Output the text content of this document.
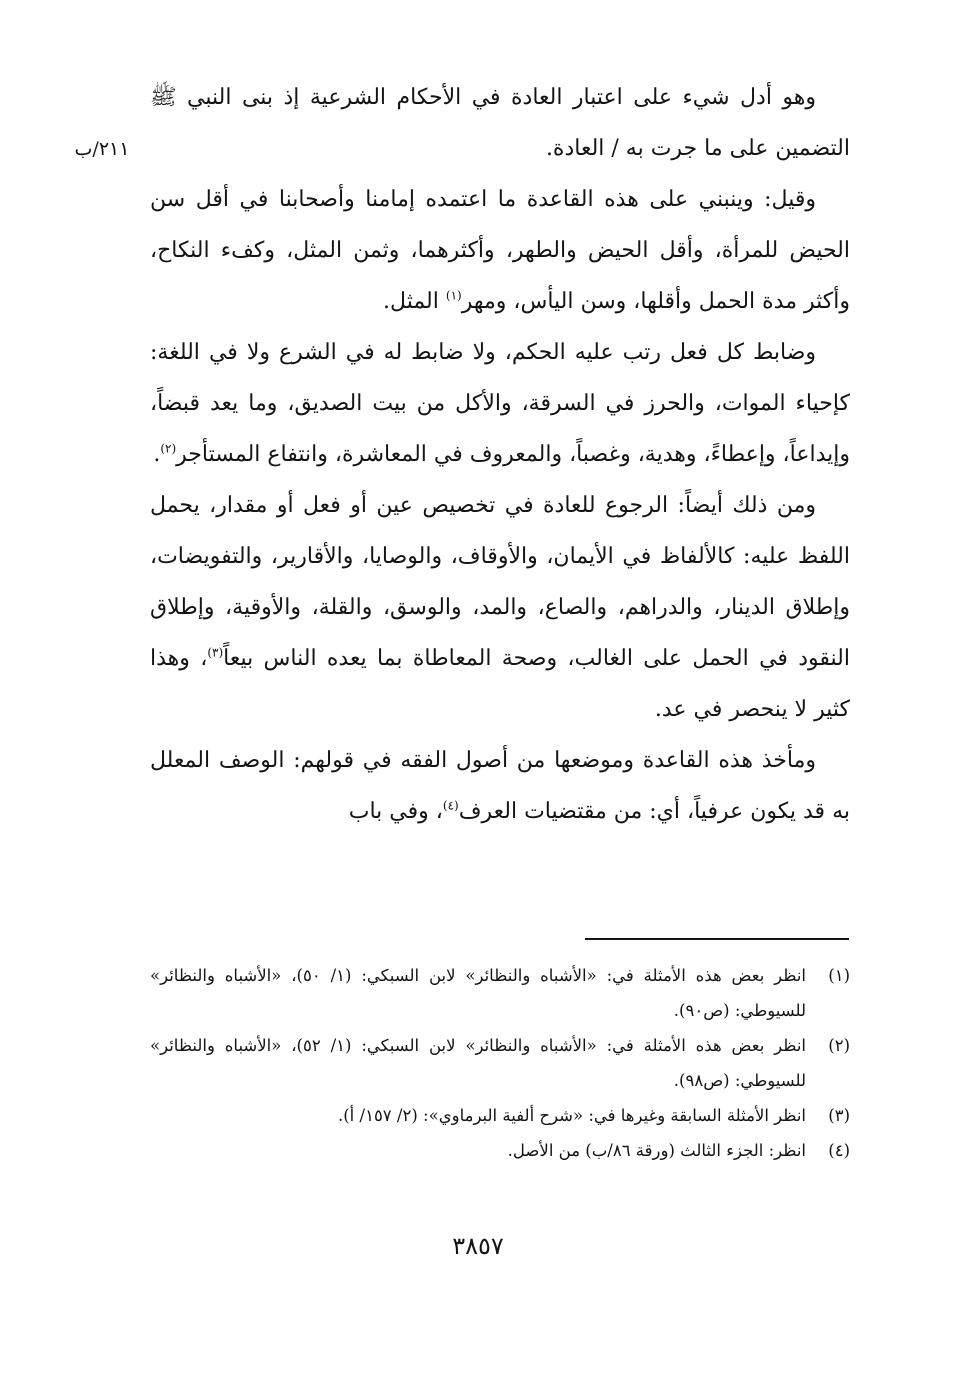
٢١١/ب

وهو أدل شيء على اعتبار العادة في الأحكام الشرعية إذ بنى النبي ﷺ التضمين على ما جرت به / العادة.

وقيل: وينبني على هذه القاعدة ما اعتمده إمامنا وأصحابنا في أقل سن الحيض للمرأة، وأقل الحيض والطهر، وأكثرهما، وثمن المثل، وكفء النكاح، وأكثر مدة الحمل وأقلها، وسن اليأس، ومهر$^{(١)}$ المثل.

وضابط كل فعل رتب عليه الحكم، ولا ضابط له في الشرع ولا في اللغة: كإحياء الموات، والحرز في السرقة، والأكل من بيت الصديق، وما يعد قبضاً، وإيداعاً، وإعطاءً، وهدية، وغصباً، والمعروف في المعاشرة، وانتفاع المستأجر$^{(٢)}$.

ومن ذلك أيضاً: الرجوع للعادة في تخصيص عين أو فعل أو مقدار، يحمل اللفظ عليه: كالألفاظ في الأيمان، والأوقاف، والوصايا، والأقارير، والتفويضات، وإطلاق الدينار، والدراهم، والصاع، والمد، والوسق، والقلة، والأوقية، وإطلاق النقود في الحمل على الغالب، وصحة المعاطاة بما يعده الناس بيعاً$^{(٣)}$، وهذا كثير لا ينحصر في عد.

ومأخذ هذه القاعدة وموضعها من أصول الفقه في قولهم: الوصف المعلل به قد يكون عرفياً، أي: من مقتضيات العرف$^{(٤)}$، وفي باب

(١)
انظر بعض هذه الأمثلة في: «الأشباه والنظائر» لابن السبكي: (١/ ٥٠)، «الأشباه والنظائر» للسيوطي: (ص٩٠).
(٢)
انظر بعض هذه الأمثلة في: «الأشباه والنظائر» لابن السبكي: (١/ ٥٢)، «الأشباه والنظائر» للسيوطي: (ص٩٨).
(٣)
انظر الأمثلة السابقة وغيرها في: «شرح ألفية البرماوي»: (٢/ ١٥٧/ أ).
(٤)
انظر: الجزء الثالث (ورقة ٨٦/ب) من الأصل.
٣٨٥٧
